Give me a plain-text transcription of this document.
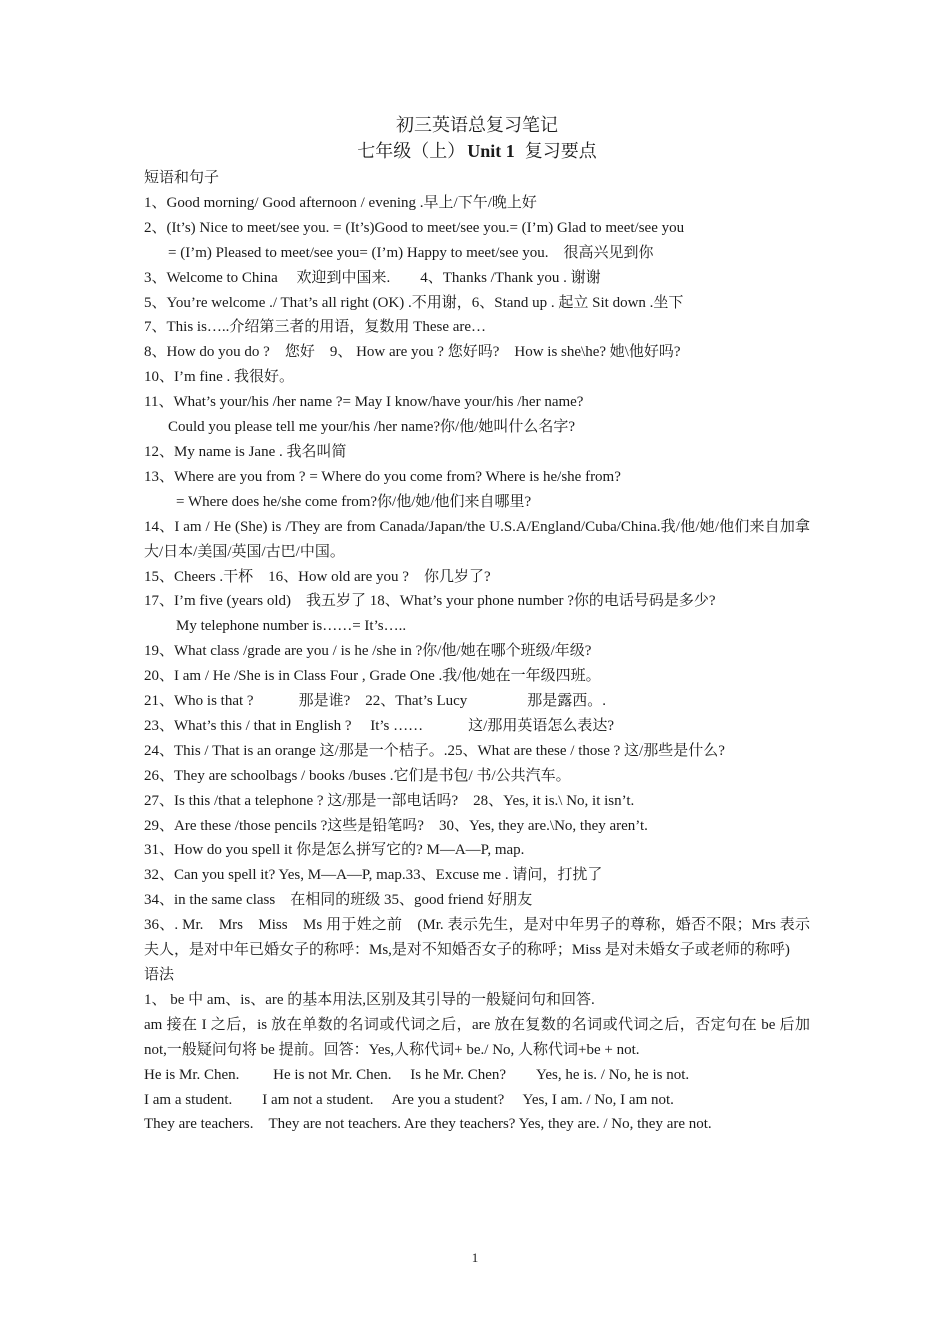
初三英语总复习笔记
七年级（上） Unit 1 复习要点
短语和句子
1、Good morning/ Good afternoon / evening .早上/下午/晚上好
2、(It’s) Nice to meet/see you. = (It’s)Good to meet/see you.= (I’m) Glad to meet/see you
= (I’m) Pleased to meet/see you= (I’m) Happy to meet/see you.　很高兴见到你
3、Welcome to China　 欢迎到中国来.　　4、Thanks /Thank you . 谢谢
5、You’re welcome ./ That’s all right (OK) .不用谢，6、Stand up . 起立 Sit down .坐下
7、This is…..介绍第三者的用语，复数用 These are…
8、How do you do ?　您好　9、 How are you ? 您好吗?　How is she\he? 她\他好吗?
10、I’m fine . 我很好。
11、What’s your/his /her name ?= May I know/have your/his /her name?
Could you please tell me your/his /her name?你/他/她叫什么名字?
12、My name is Jane . 我名叫简
13、Where are you from ? = Where do you come from? Where is he/she from?
= Where does he/she come from?你/他/她/他们来自哪里?
14、I am / He (She) is /They are from Canada/Japan/the U.S.A/England/Cuba/China.我/他/她/他们来自加拿大/日本/美国/英国/古巴/中国。
15、Cheers .干杯　16、How old are you ?　你几岁了?
17、I’m five (years old)　我五岁了 18、What’s your phone number ?你的电话号码是多少?
My telephone number is……= It’s…..
19、What class /grade are you / is he /she in ?你/他/她在哪个班级/年级?
20、I am / He /She is in Class Four , Grade One .我/他/她在一年级四班。
21、Who is that ?　　　那是谁?　22、That’s Lucy　　　　那是露西。.
23、What’s this / that in English ?　 It’s ……　　　这/那用英语怎么表达?
24、This / That is an orange 这/那是一个桔子。.25、What are these / those ? 这/那些是什么?
26、They are schoolbags / books /buses .它们是书包/ 书/公共汽车。
27、Is this /that a telephone ? 这/那是一部电话吗?　28、Yes, it is.\ No, it isn’t.
29、Are these /those pencils ?这些是铅笔吗?　30、Yes, they are.\No, they aren’t.
31、How do you spell it 你是怎么拼写它的? M—A—P, map.
32、Can you spell it? Yes, M—A—P, map.33、Excuse me . 请问，打扰了
34、in the same class　在相同的班级 35、good friend 好朋友
36、. Mr.　Mrs　Miss　Ms 用于姓之前　(Mr. 表示先生，是对中年男子的尊称，婚否不限；Mrs 表示夫人，是对中年已婚女子的称呼：Ms,是对不知婚否女子的称呼；Miss 是对未婚女子或老师的称呼)
语法
1、 be 中 am、is、are 的基本用法,区别及其引导的一般疑问句和回答.
am 接在 I 之后，is 放在单数的名词或代词之后，are 放在复数的名词或代词之后，否定句在 be 后加 not,一般疑问句将 be 提前。回答：Yes,人称代词+ be./ No, 人称代词+be + not.
He is Mr. Chen.　　 He is not Mr. Chen.　 Is he Mr. Chen?　　Yes, he is. / No, he is not.
I am a student.　　I am not a student.　 Are you a student?　 Yes, I am. / No, I am not.
They are teachers.　They are not teachers. Are they teachers? Yes, they are. / No, they are not.
1
